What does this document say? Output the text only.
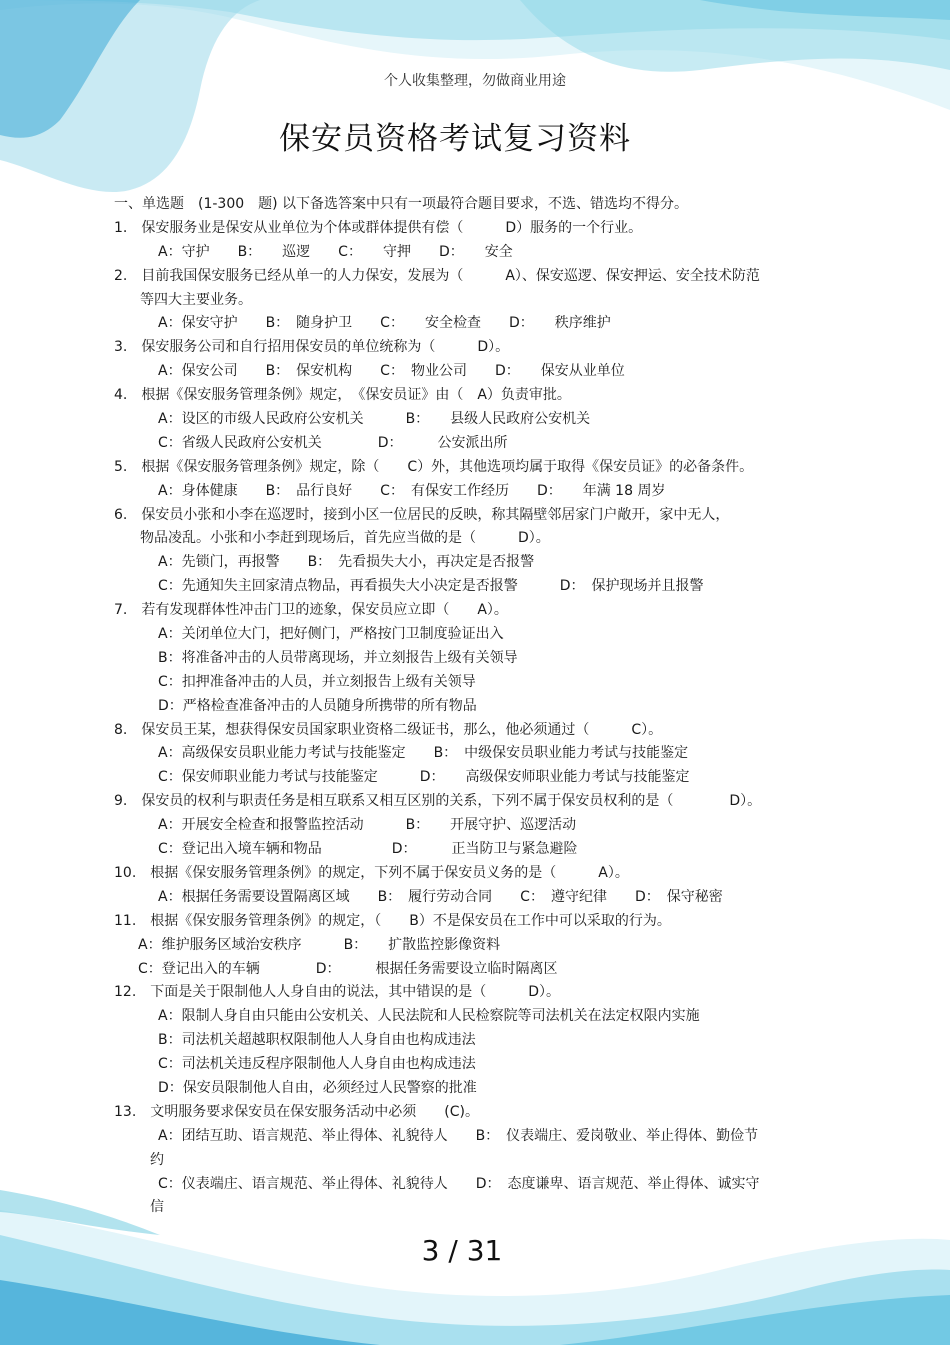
个人收集整理，勿做商业用途
保安员资格考试复习资料
一、单选题　(1-300　题) 以下备选答案中只有一项最符合题目要求，不选、错选均不得分。
1.　保安服务业是保安从业单位为个体或群体提供有偿（　　　D）服务的一个行业。
A：守护　　B：　　巡逻　　C：　　守押　　D：　　安全
2.　目前我国保安服务已经从单一的人力保安，发展为（　　　A）、保安巡逻、保安押运、安全技术防范
等四大主要业务。
A：保安守护　　B：　随身护卫　　C：　　安全检查　　D：　　秩序维护
3.　保安服务公司和自行招用保安员的单位统称为（　　　D）。
A：保安公司　　B：　保安机构　　C：　物业公司　　D：　　保安从业单位
4.　根据《保安服务管理条例》规定，　《保安员证》由（　A）负责审批。
A：设区的市级人民政府公安机关　　　B：　　县级人民政府公安机关
C：省级人民政府公安机关　　　　D：　　　公安派出所
5.　根据《保安服务管理条例》规定，除（　　C）外，其他选项均属于取得《保安员证》的必备条件。
A：身体健康　　B：　品行良好　　C：　有保安工作经历　　D：　　年满 18 周岁
6.　保安员小张和小李在巡逻时，接到小区一位居民的反映，称其隔壁邻居家门户敞开，家中无人，
物品凌乱。小张和小李赶到现场后，首先应当做的是（　　　D）。
A：先锁门，再报警　　B：　先看损失大小，再决定是否报警
C：先通知失主回家清点物品，再看损失大小决定是否报警　　　D：　保护现场并且报警
7.　若有发现群体性冲击门卫的迹象，保安员应立即（　　A）。
A：关闭单位大门，把好侧门，严格按门卫制度验证出入
B：将准备冲击的人员带离现场，并立刻报告上级有关领导
C：扣押准备冲击的人员，并立刻报告上级有关领导
D：严格检查准备冲击的人员随身所携带的所有物品
8.　保安员王某，想获得保安员国家职业资格二级证书，那么，他必须通过（　　　C）。
A：高级保安员职业能力考试与技能鉴定　　B：　中级保安员职业能力考试与技能鉴定
C：保安师职业能力考试与技能鉴定　　　D：　　高级保安师职业能力考试与技能鉴定
9.　保安员的权利与职责任务是相互联系又相互区别的关系，下列不属于保安员权利的是（　　　　D）。
A：开展安全检查和报警监控活动　　　B：　　开展守护、巡逻活动
C：登记出入境车辆和物品　　　　　D：　　　正当防卫与紧急避险
10.　根据《保安服务管理条例》的规定，下列不属于保安员义务的是（　　　A）。
A：根据任务需要设置隔离区域　　B：　履行劳动合同　　C：　遵守纪律　　D：　保守秘密
11.　根据《保安服务管理条例》的规定，（　　B）不是保安员在工作中可以采取的行为。
A：维护服务区域治安秩序　　　B：　　扩散监控影像资料
C：登记出入的车辆　　　　D：　　　根据任务需要设立临时隔离区
12.　下面是关于限制他人人身自由的说法，其中错误的是（　　　D）。
A：限制人身自由只能由公安机关、人民法院和人民检察院等司法机关在法定权限内实施
B：司法机关超越职权限制他人人身自由也构成违法
C：司法机关违反程序限制他人人身自由也构成违法
D：保安员限制他人自由，必须经过人民警察的批准
13.　文明服务要求保安员在保安服务活动中必须　　(C)。
A：团结互助、语言规范、举止得体、礼貌待人　　B：　仪表端庄、爱岗敬业、举止得体、勤俭节
约
C：仪表端庄、语言规范、举止得体、礼貌待人　　D：　态度谦卑、语言规范、举止得体、诚实守
信
3 / 31
